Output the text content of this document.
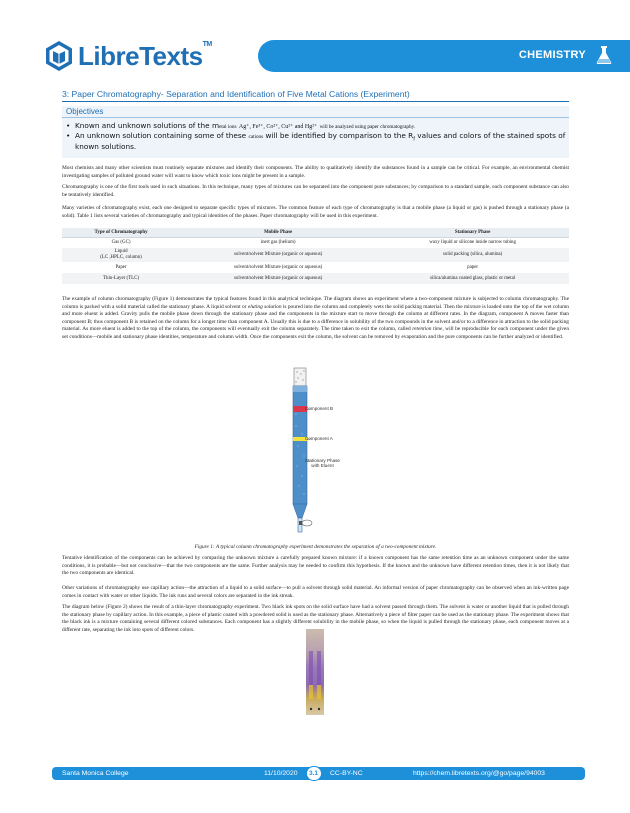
LibreTexts™
CHEMISTRY
3: Paper Chromatography- Separation and Identification of Five Metal Cations (Experiment)
Objectives
• Known and unknown solutions of the metal ions Ag⁺, Fe³⁺, Co²⁺, Cu²⁺ and Hg²⁺ will be analyzed using paper chromatography.
• An unknown solution containing some of these cations will be identified by comparison to the $R_f$ values and colors of the stained spots of
known solutions.

Most chemists and many other scientists must routinely separate mixtures and identify their components. The ability to qualitatively identify the substances found in a sample can be critical. For example, an environmental chemist investigating samples of polluted ground water will want to know which toxic ions might be present in a sample.

Chromatography is one of the first tools used in such situations. In this technique, many types of mixtures can be separated into the component pure substances; by comparison to a standard sample, each component substance can also be tentatively identified.

Many varieties of chromatography exist, each one designed to separate specific types of mixtures. The common feature of each type of chromatography is that a mobile phase (a liquid or gas) is pushed through a stationary phase (a solid). Table 1 lists several varieties of chromatography and typical identities of the phases. Paper chromatography will be used in this experiment.

Type of Chromatography	Mobile Phase	Stationary Phase
Gas (GC)	inert gas (helium)	waxy liquid or silicone inside narrow tubing
Liquid
(LC ,HPLC, column)	solvent/solvent Mixture (organic or aqueous)	solid packing (silica, alumina)
Paper	solvent/solvent Mixture (organic or aqueous)	paper
Thin-Layer (TLC)	solvent/solvent Mixture (organic or aqueous)	silica/alumina coated glass, plastic or metal

The example of column chromatography (Figure 1) demonstrates the typical features found in this analytical technique. The diagram shows an experiment where a two-component mixture is subjected to column chromatography. The column is packed with a solid material called the stationary phase. A liquid solvent or eluting solution is poured into the column and completely wets the solid packing material. Then the mixture is loaded onto the top of the wet column and more eluent is added. Gravity pulls the mobile phase down through the stationary phase and the components in the mixture start to move through the column at different rates. In the diagram, component A moves faster than component B; thus component B is retained on the column for a longer time than component A. Usually this is due to a difference in solubility of the two compounds in the solvent and/or to a difference in attraction to the solid packing material. As more eluent is added to the top of the column, the components will eventually exit the column separately. The time taken to exit the column, called retention time, will be reproducible for each component under the given set conditions—mobile and stationary phase identities, temperature and column width. Once the components exit the column, the solvent can be removed by evaporation and the pure components can be further analyzed or identified.

Component B
Component A
Stationary Phase
with Eluent
Figure 1: A typical column chromatography experiment demonstrates the separation of a two-component mixture.

Tentative identification of the components can be achieved by comparing the unknown mixture a carefully prepared known mixture: if a known component has the same retention time as an unknown component under the same conditions, it is probable—but not conclusive—that the two components are the same. Further analysis may be needed to confirm this hypothesis. If the known and the unknown have different retention times, then it is not likely that the two components are identical.

Other variations of chromatography use capillary action—the attraction of a liquid to a solid surface—to pull a solvent through solid material. An informal version of paper chromatography can be observed when an ink-written page comes in contact with water or other liquids. The ink runs and several colors are separated in the ink streak.

The diagram below (Figure 2) shows the result of a thin-layer chromatography experiment. Two black ink spots on the solid surface have had a solvent passed through them. The solvent is water or another liquid that is pulled through the stationary phase by capillary action. In this example, a piece of plastic coated with a powdered solid is used as the stationary phase. Alternatively a piece of filter paper can be used as the stationary phase. The experiment shows that the black ink is a mixture containing several different colored substances. Each component has a slightly different solubility in the mobile phase, so when the liquid is pulled through the stationary phase, each component moves at a different rate, separating the ink into spots of different colors.

Santa Monica College	11/10/2020 3.1 CC-BY-NC	https://chem.libretexts.org/@go/page/94003
